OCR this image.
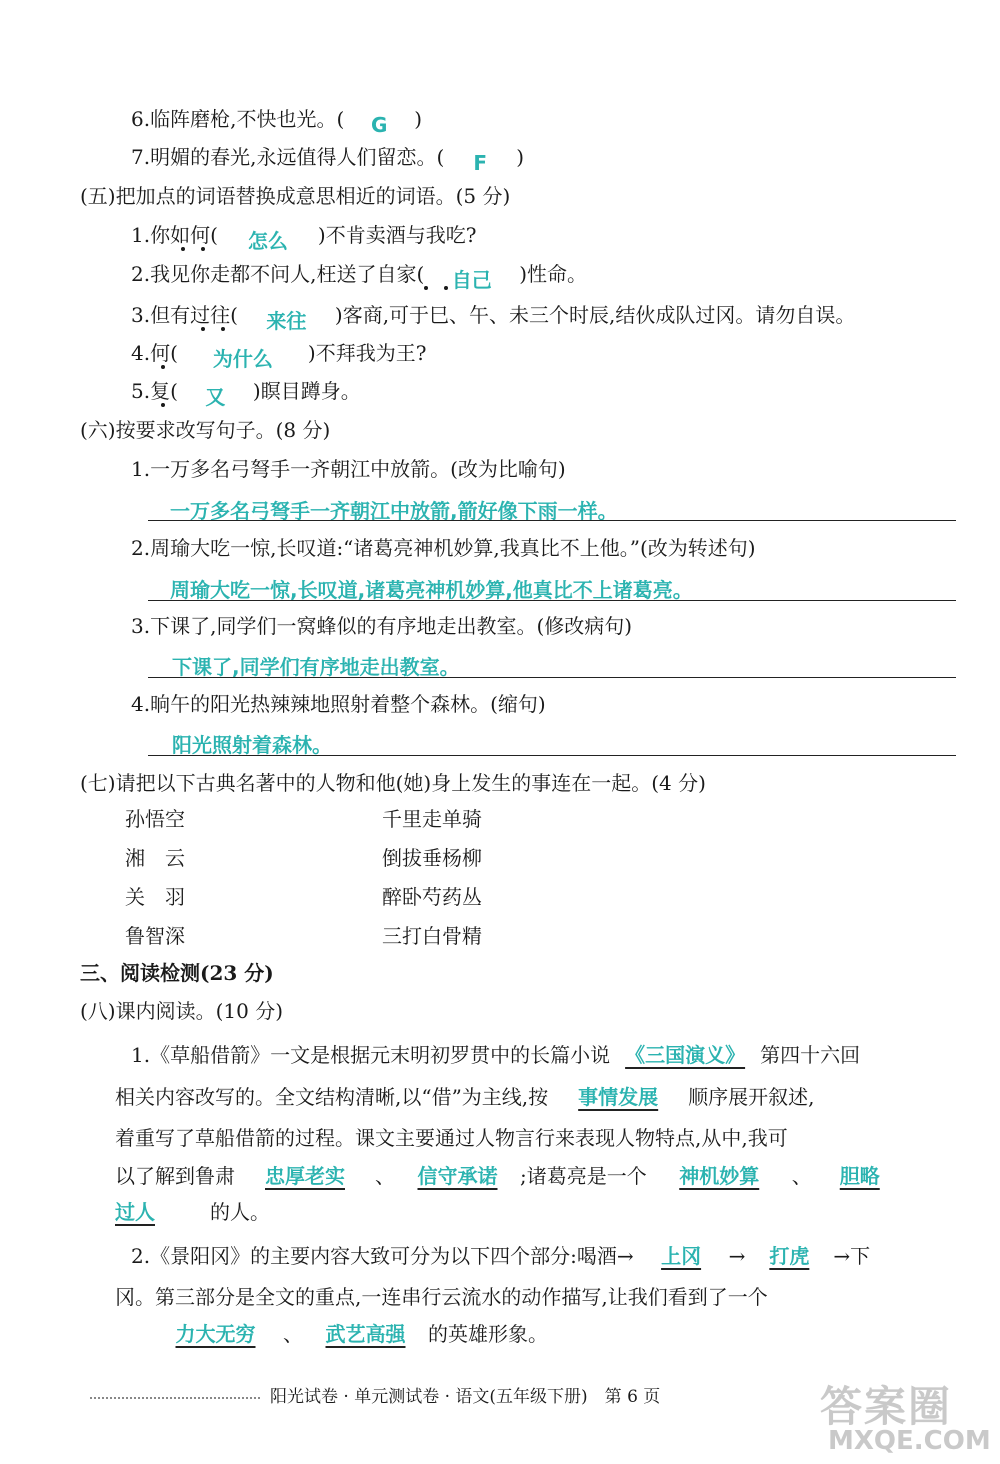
6.临阵磨枪,不快也光。( G )
7.明媚的春光,永远值得人们留恋。( F )
(五)把加点的词语替换成意思相近的词语。(5 分)
1.你如何( 怎么 )不肯卖酒与我吃?
2.我见你走都不问人,枉送了自家( 自己 )性命。
3.但有过往( 来往 )客商,可于巳、午、未三个时辰,结伙成队过冈。请勿自误。
4.何( 为什么 )不拜我为王?
5.复( 又 )瞑目蹲身。
(六)按要求改写句子。(8 分)
1.一万多名弓弩手一齐朝江中放箭。(改为比喻句)
一万多名弓弩手一齐朝江中放箭,箭好像下雨一样。
2.周瑜大吃一惊,长叹道:“诸葛亮神机妙算,我真比不上他。”(改为转述句)
周瑜大吃一惊,长叹道,诸葛亮神机妙算,他真比不上诸葛亮。
3.下课了,同学们一窝蜂似的有序地走出教室。(修改病句)
下课了,同学们有序地走出教室。
4.晌午的阳光热辣辣地照射着整个森林。(缩句)
阳光照射着森林。
(七)请把以下古典名著中的人物和他(她)身上发生的事连在一起。(4 分)
孙悟空	千里走单骑
湘　云	倒拔垂杨柳
关　羽	醉卧芍药丛
鲁智深	三打白骨精
三、阅读检测(23 分)
(八)课内阅读。(10 分)
1.《草船借箭》一文是根据元末明初罗贯中的长篇小说 《三国演义》 第四十六回
相关内容改写的。全文结构清晰,以“借”为主线,按 事情发展 顺序展开叙述,
着重写了草船借箭的过程。课文主要通过人物言行来表现人物特点,从中,我可
以了解到鲁肃 忠厚老实 、 信守承诺 ;诸葛亮是一个 神机妙算 、 胆略
过人	的人。
2.《景阳冈》的主要内容大致可分为以下四个部分:喝酒→ 上冈 → 打虎 →下
冈。第三部分是全文的重点,一连串行云流水的动作描写,让我们看到了一个
力大无穷 、 武艺高强 的英雄形象。
阳光试卷 · 单元测试卷 · 语文(五年级下册)　第 6 页	答案圈
MXQE.COM
